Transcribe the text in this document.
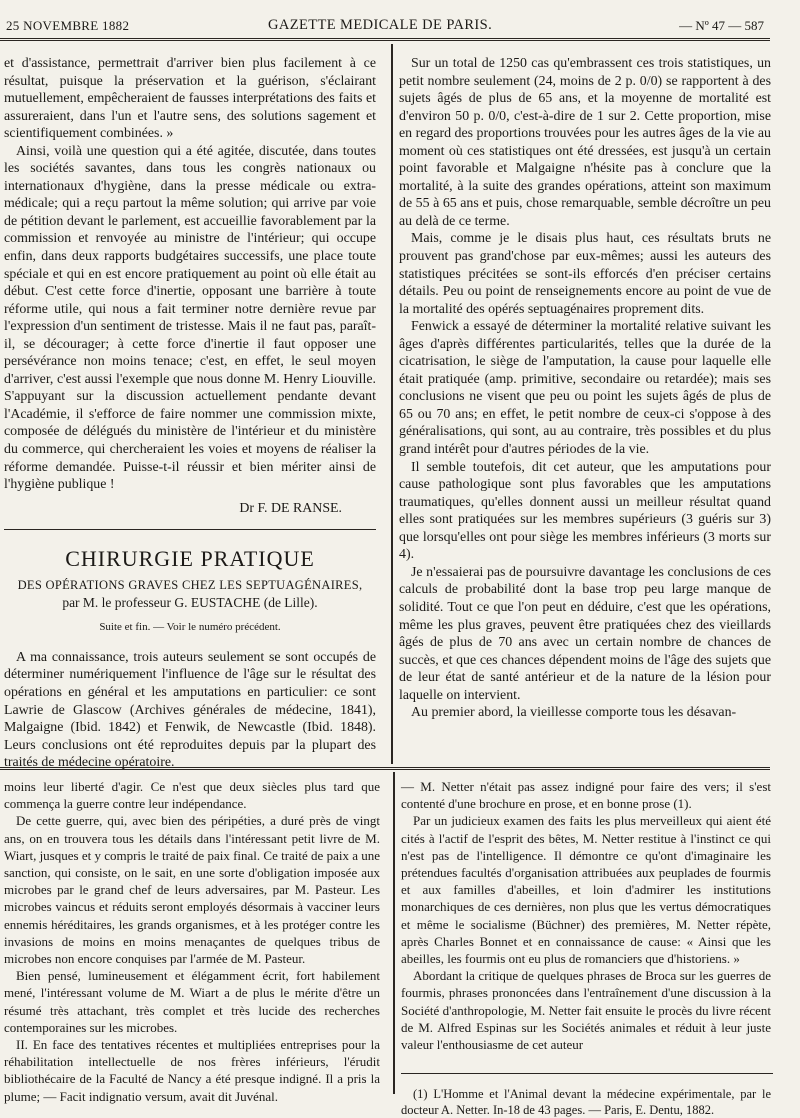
25 NOVEMBRE 1882	GAZETTE MEDICALE DE PARIS.	— Nº 47 — 587

et d'assistance, permettrait d'arriver bien plus facilement à ce résultat, puisque la préservation et la guérison, s'éclairant mutuellement, empêcheraient de fausses interprétations des faits et assureraient, dans l'un et l'autre sens, des solutions sagement et scientifiquement combinées. »

Ainsi, voilà une question qui a été agitée, discutée, dans toutes les sociétés savantes, dans tous les congrès nationaux ou internationaux d'hygiène, dans la presse médicale ou extra-médicale; qui a reçu partout la même solution; qui arrive par voie de pétition devant le parlement, est accueillie favorablement par la commission et renvoyée au ministre de l'intérieur; qui occupe enfin, dans deux rapports budgétaires successifs, une place toute spéciale et qui en est encore pratiquement au point où elle était au début. C'est cette force d'inertie, opposant une barrière à toute réforme utile, qui nous a fait terminer notre dernière revue par l'expression d'un sentiment de tristesse. Mais il ne faut pas, paraît-il, se décourager; à cette force d'inertie il faut opposer une persévérance non moins tenace; c'est, en effet, le seul moyen d'arriver, c'est aussi l'exemple que nous donne M. Henry Liouville. S'appuyant sur la discussion actuellement pendante devant l'Académie, il s'efforce de faire nommer une commission mixte, composée de délégués du ministère de l'intérieur et du ministère du commerce, qui chercheraient les voies et moyens de réaliser la réforme demandée. Puisse-t-il réussir et bien mériter ainsi de l'hygiène publique !

Dr F. DE RANSE.
CHIRURGIE PRATIQUE
DES OPÉRATIONS GRAVES CHEZ LES SEPTUAGÉNAIRES,
par M. le professeur G. EUSTACHE (de Lille).
Suite et fin. — Voir le numéro précédent.

A ma connaissance, trois auteurs seulement se sont occupés de déterminer numériquement l'influence de l'âge sur le résultat des opérations en général et les amputations en particulier: ce sont Lawrie de Glascow (Archives générales de médecine, 1841), Malgaigne (Ibid. 1842) et Fenwik, de Newcastle (Ibid. 1848). Leurs conclusions ont été reproduites depuis par la plupart des traités de médecine opératoire.

Sur un total de 1250 cas qu'embrassent ces trois statistiques, un petit nombre seulement (24, moins de 2 p. 0/0) se rapportent à des sujets âgés de plus de 65 ans, et la moyenne de mortalité est d'environ 50 p. 0/0, c'est-à-dire de 1 sur 2. Cette proportion, mise en regard des proportions trouvées pour les autres âges de la vie au moment où ces statistiques ont été dressées, est jusqu'à un certain point favorable et Malgaigne n'hésite pas à conclure que la mortalité, à la suite des grandes opérations, atteint son maximum de 55 à 65 ans et puis, chose remarquable, semble décroître un peu au delà de ce terme.

Mais, comme je le disais plus haut, ces résultats bruts ne prouvent pas grand'chose par eux-mêmes; aussi les auteurs des statistiques précitées se sont-ils efforcés d'en préciser certains détails. Peu ou point de renseignements encore au point de vue de la mortalité des opérés septuagénaires proprement dits.

Fenwick a essayé de déterminer la mortalité relative suivant les âges d'après différentes particularités, telles que la durée de la cicatrisation, le siège de l'amputation, la cause pour laquelle elle était pratiquée (amp. primitive, secondaire ou retardée); mais ses conclusions ne visent que peu ou point les sujets âgés de plus de 65 ou 70 ans; en effet, le petit nombre de ceux-ci s'oppose à des généralisations, qui sont, au au contraire, très possibles et du plus grand intérêt pour d'autres périodes de la vie.

Il semble toutefois, dit cet auteur, que les amputations pour cause pathologique sont plus favorables que les amputations traumatiques, qu'elles donnent aussi un meilleur résultat quand elles sont pratiquées sur les membres supérieurs (3 guéris sur 3) que lorsqu'elles ont pour siège les membres inférieurs (3 morts sur 4).

Je n'essaierai pas de poursuivre davantage les conclusions de ces calculs de probabilité dont la base trop peu large manque de solidité. Tout ce que l'on peut en déduire, c'est que les opérations, même les plus graves, peuvent être pratiquées chez des vieillards âgés de plus de 70 ans avec un certain nombre de chances de succès, et que ces chances dépendent moins de l'âge des sujets que de leur état de santé antérieur et de la nature de la lésion pour laquelle on intervient.

Au premier abord, la vieillesse comporte tous les désavan-

moins leur liberté d'agir. Ce n'est que deux siècles plus tard que commença la guerre contre leur indépendance.

De cette guerre, qui, avec bien des péripéties, a duré près de vingt ans, on en trouvera tous les détails dans l'intéressant petit livre de M. Wiart, jusques et y compris le traité de paix final. Ce traité de paix a une sanction, qui consiste, on le sait, en une sorte d'obligation imposée aux microbes par le grand chef de leurs adversaires, par M. Pasteur. Les microbes vaincus et réduits seront employés désormais à vacciner leurs ennemis héréditaires, les grands organismes, et à les protéger contre les invasions de moins en moins menaçantes de quelques tribus de microbes non encore conquises par l'armée de M. Pasteur.

Bien pensé, lumineusement et élégamment écrit, fort habilement mené, l'intéressant volume de M. Wiart a de plus le mérite d'être un résumé très attachant, très complet et très lucide des recherches contemporaines sur les microbes.

II. En face des tentatives récentes et multipliées entreprises pour la réhabilitation intellectuelle de nos frères inférieurs, l'érudit bibliothécaire de la Faculté de Nancy a été presque indigné. Il a pris la plume; — Facit indignatio versum, avait dit Juvénal.

— M. Netter n'était pas assez indigné pour faire des vers; il s'est contenté d'une brochure en prose, et en bonne prose (1).

Par un judicieux examen des faits les plus merveilleux qui aient été cités à l'actif de l'esprit des bêtes, M. Netter restitue à l'instinct ce qui n'est pas de l'intelligence. Il démontre ce qu'ont d'imaginaire les prétendues facultés d'organisation attribuées aux peuplades de fourmis et aux familles d'abeilles, et loin d'admirer les institutions monarchiques de ces dernières, non plus que les vertus démocratiques et même le socialisme (Büchner) des premières, M. Netter répète, après Charles Bonnet et en connaissance de cause: « Ainsi que les abeilles, les fourmis ont eu plus de romanciers que d'historiens. »

Abordant la critique de quelques phrases de Broca sur les guerres de fourmis, phrases prononcées dans l'entraînement d'une discussion à la Société d'anthropologie, M. Netter fait ensuite le procès du livre récent de M. Alfred Espinas sur les Sociétés animales et réduit à leur juste valeur l'enthousiasme de cet auteur

(1) L'Homme et l'Animal devant la médecine expérimentale, par le docteur A. Netter. In-18 de 43 pages. — Paris, E. Dentu, 1882.
